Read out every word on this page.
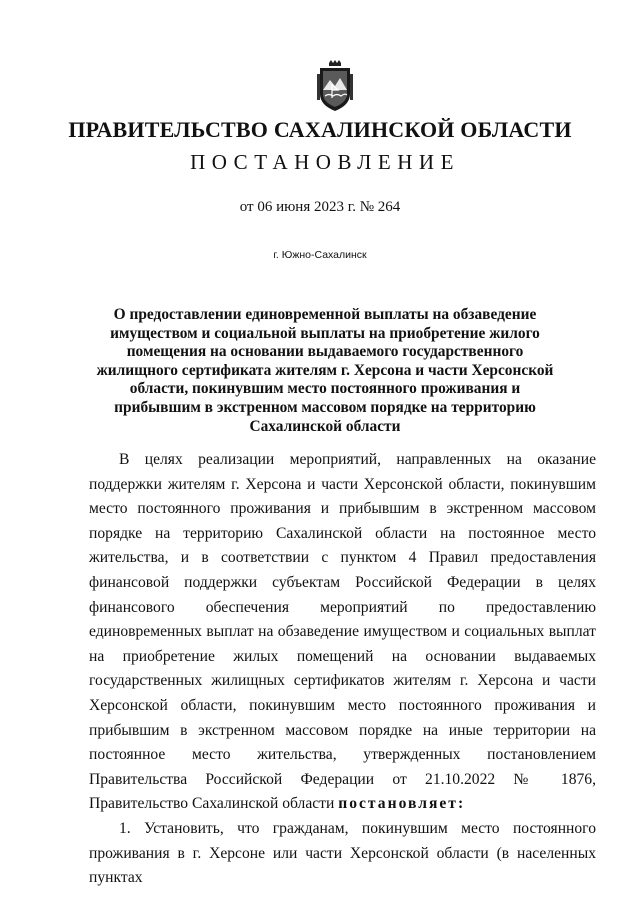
ПРАВИТЕЛЬСТВО САХАЛИНСКОЙ ОБЛАСТИ
ПОСТАНОВЛЕНИЕ
от 06 июня 2023 г. № 264
г. Южно-Сахалинск
О предоставлении единовременной выплаты на обзаведение имуществом и социальной выплаты на приобретение жилого помещения на основании выдаваемого государственного жилищного сертификата жителям г. Херсона и части Херсонской области, покинувшим место постоянного проживания и прибывшим в экстренном массовом порядке на территорию Сахалинской области

В целях реализации мероприятий, направленных на оказание поддержки жителям г. Херсона и части Херсонской области, покинувшим место постоянного проживания и прибывшим в экстренном массовом порядке на территорию Сахалинской области на постоянное место жительства, и в соответствии с пунктом 4 Правил предоставления финансовой поддержки субъектам Российской Федерации в целях финансового обеспечения мероприятий по предоставлению единовременных выплат на обзаведение имуществом и социальных выплат на приобретение жилых помещений на основании выдаваемых государственных жилищных сертификатов жителям г. Херсона и части Херсонской области, покинувшим место постоянного проживания и прибывшим в экстренном массовом порядке на иные территории на постоянное место жительства, утвержденных постановлением Правительства Российской Федерации от 21.10.2022 № 1876, Правительство Сахалинской области постановляет:

1. Установить, что гражданам, покинувшим место постоянного проживания в г. Херсоне или части Херсонской области (в населенных пунктах
